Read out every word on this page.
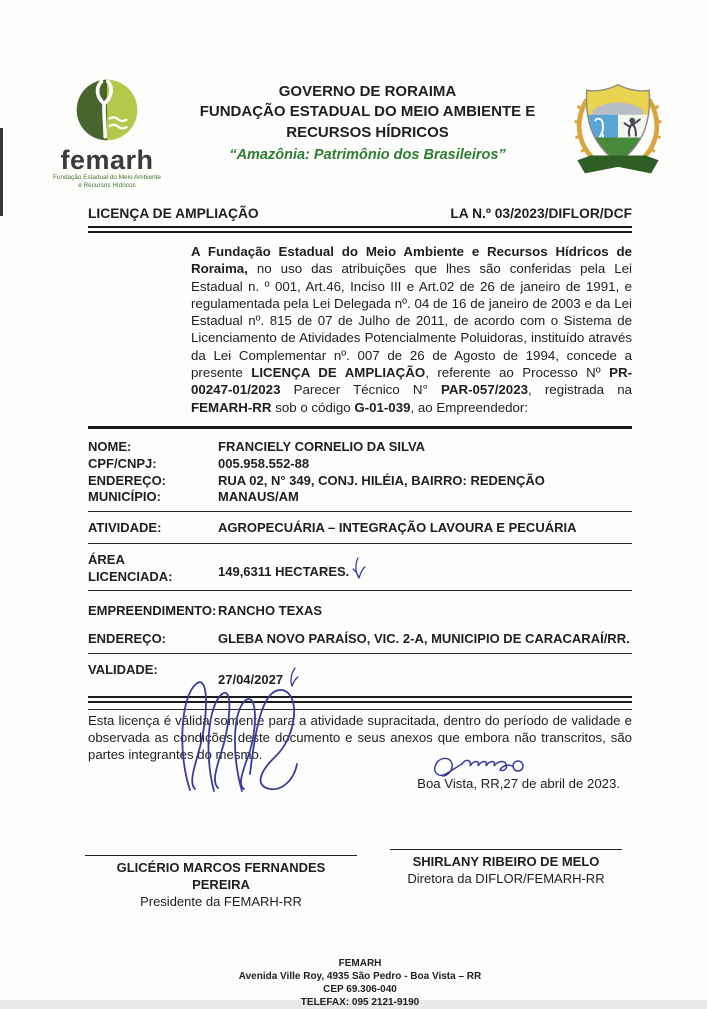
femarh
Fundação Estadual do Meio Ambiente
e Recursos Hídricos
GOVERNO DE RORAIMA
FUNDAÇÃO ESTADUAL DO MEIO AMBIENTE E
RECURSOS HÍDRICOS
“Amazônia: Patrimônio dos Brasileiros”
LICENÇA DE AMPLIAÇÃO	LA N.º 03/2023/DIFLOR/DCF

A Fundação Estadual do Meio Ambiente e Recursos Hídricos de Roraima, no uso das atribuições que lhes são conferidas pela Lei Estadual n. º 001, Art.46, Inciso III e Art.02 de 26 de janeiro de 1991, e regulamentada pela Lei Delegada nº. 04 de 16 de janeiro de 2003 e da Lei Estadual nº. 815 de 07 de Julho de 2011, de acordo com o Sistema de Licenciamento de Atividades Potencialmente Poluidoras, instituído através da Lei Complementar nº. 007 de 26 de Agosto de 1994, concede a presente LICENÇA DE AMPLIAÇÃO, referente ao Processo Nº PR-00247-01/2023 Parecer Técnico N° PAR-057/2023, registrada na FEMARH-RR sob o código G-01-039, ao Empreendedor:

NOME:	FRANCIELY CORNELIO DA SILVA
CPF/CNPJ:	005.958.552-88
ENDEREÇO:	RUA 02, N° 349, CONJ. HILÉIA, BAIRRO: REDENÇÃO
MUNICÍPIO:	MANAUS/AM
ATIVIDADE:	AGROPECUÁRIA – INTEGRAÇÃO LAVOURA E PECUÁRIA
ÁREA
LICENCIADA:	149,6311 HECTARES.
EMPREENDIMENTO: RANCHO TEXAS
ENDEREÇO:	GLEBA NOVO PARAÍSO, VIC. 2-A, MUNICIPIO DE CARACARAÍ/RR.
VALIDADE:
27/04/2027

Esta licença é válida somente para a atividade supracitada, dentro do período de validade e observada as condições deste documento e seus anexos que embora não transcritos, são partes integrantes do mesmo.

Boa Vista, RR,27 de abril de 2023.
GLICÉRIO MARCOS FERNANDES
PEREIRA
Presidente da FEMARH-RR
SHIRLANY RIBEIRO DE MELO
Diretora da DIFLOR/FEMARH-RR
FEMARH
Avenida Ville Roy, 4935 São Pedro - Boa Vista – RR
CEP 69.306-040
TELEFAX: 095 2121-9190
